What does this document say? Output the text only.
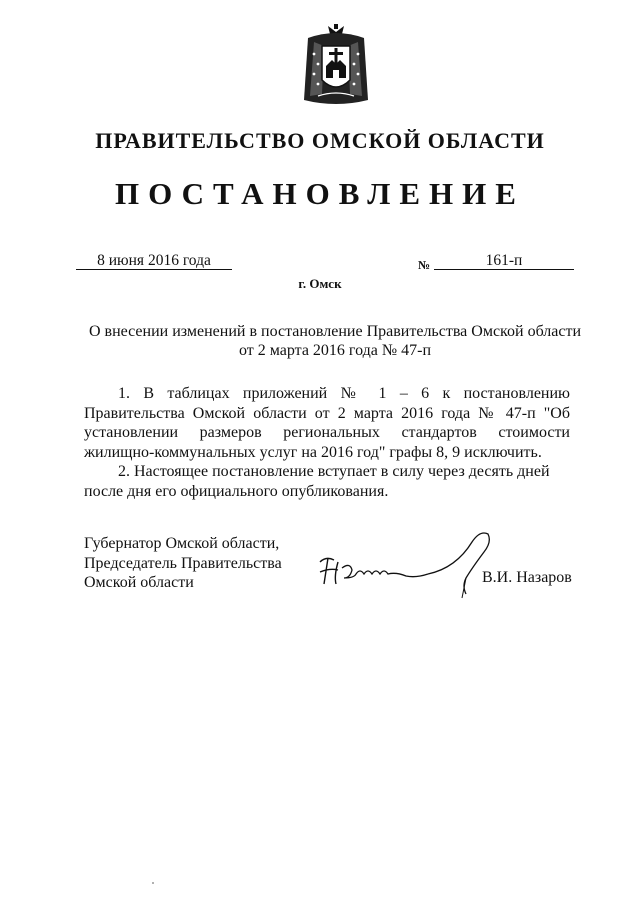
ПРАВИТЕЛЬСТВО ОМСКОЙ ОБЛАСТИ
ПОСТАНОВЛЕНИЕ
8 июня 2016 года	№	161-п
г. Омск
О внесении изменений в постановление Правительства Омской области
от 2 марта 2016 года № 47-п

1. В таблицах приложений № 1 – 6 к постановлению Правительства Омской области от 2 марта 2016 года № 47-п "Об установлении размеров региональных стандартов стоимости жилищно-коммунальных услуг на 2016 год" графы 8, 9 исключить.

2. Настоящее постановление вступает в силу через десять дней после дня его официального опубликования.

Губернатор Омской области,
Председатель Правительства
Омской области	В.И. Назаров
